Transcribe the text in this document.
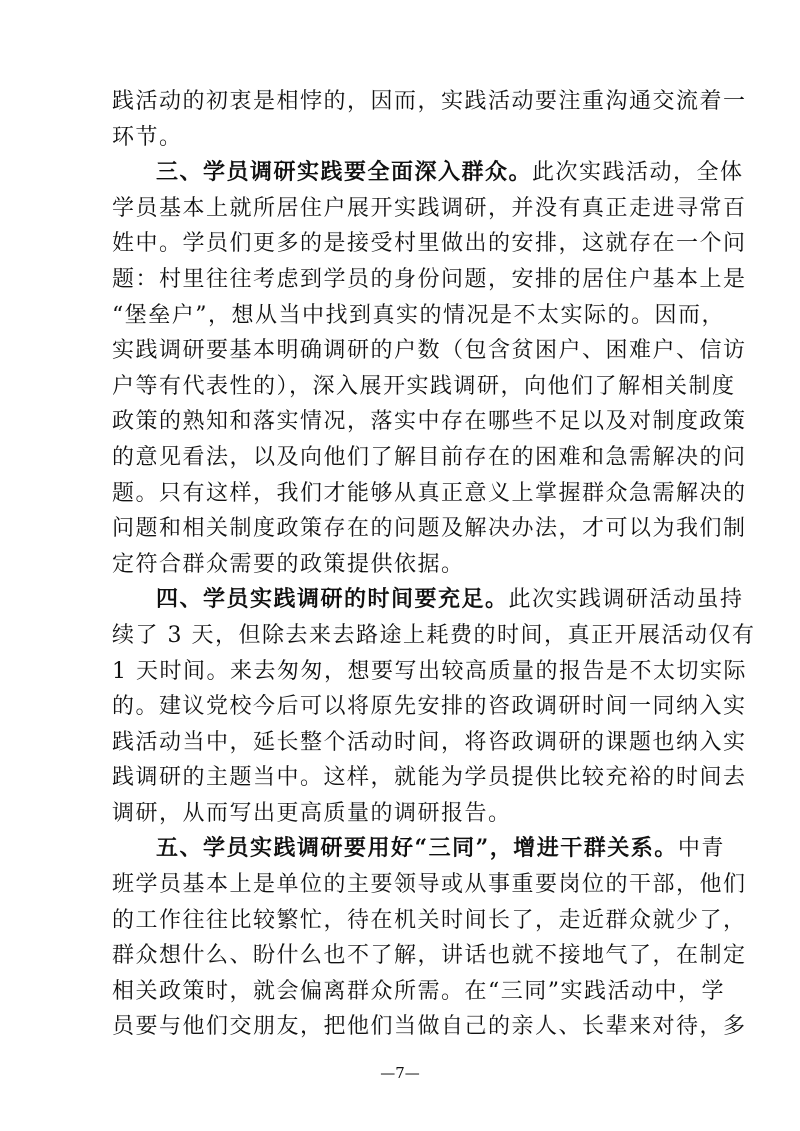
践活动的初衷是相悖的，因而，实践活动要注重沟通交流着一
环节。
三、学员调研实践要全面深入群众。此次实践活动，全体
学员基本上就所居住户展开实践调研，并没有真正走进寻常百
姓中。学员们更多的是接受村里做出的安排，这就存在一个问
题：村里往往考虑到学员的身份问题，安排的居住户基本上是
“堡垒户”，想从当中找到真实的情况是不太实际的。因而，
实践调研要基本明确调研的户数（包含贫困户、困难户、信访
户等有代表性的），深入展开实践调研，向他们了解相关制度
政策的熟知和落实情况，落实中存在哪些不足以及对制度政策
的意见看法，以及向他们了解目前存在的困难和急需解决的问
题。只有这样，我们才能够从真正意义上掌握群众急需解决的
问题和相关制度政策存在的问题及解决办法，才可以为我们制
定符合群众需要的政策提供依据。
四、学员实践调研的时间要充足。此次实践调研活动虽持
续了 3 天，但除去来去路途上耗费的时间，真正开展活动仅有
1 天时间。来去匆匆，想要写出较高质量的报告是不太切实际
的。建议党校今后可以将原先安排的咨政调研时间一同纳入实
践活动当中，延长整个活动时间，将咨政调研的课题也纳入实
践调研的主题当中。这样，就能为学员提供比较充裕的时间去
调研，从而写出更高质量的调研报告。
五、学员实践调研要用好“三同”，增进干群关系。中青
班学员基本上是单位的主要领导或从事重要岗位的干部，他们
的工作往往比较繁忙，待在机关时间长了，走近群众就少了，
群众想什么、盼什么也不了解，讲话也就不接地气了，在制定
相关政策时，就会偏离群众所需。在“三同”实践活动中，学
员要与他们交朋友，把他们当做自己的亲人、长辈来对待，多
—7—
